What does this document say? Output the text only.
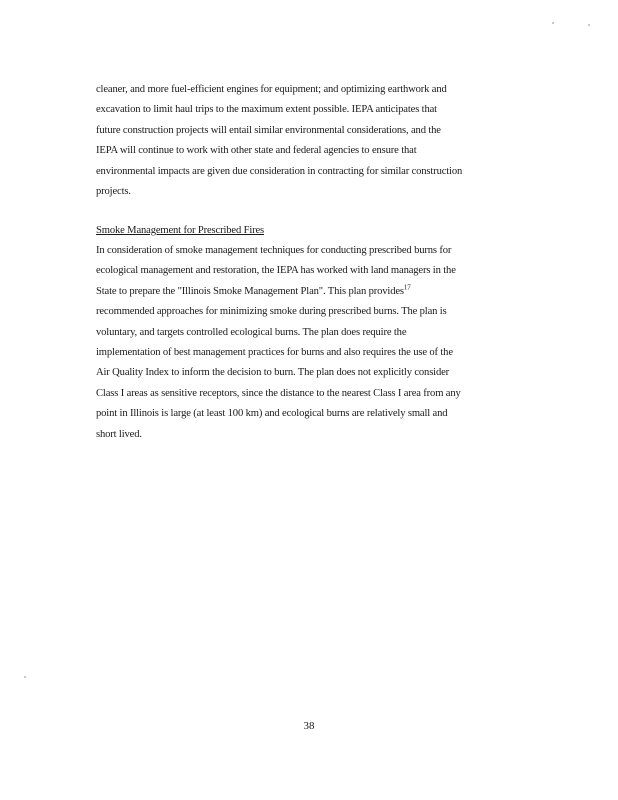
cleaner, and more fuel-efficient engines for equipment; and optimizing earthwork and
excavation to limit haul trips to the maximum extent possible. IEPA anticipates that
future construction projects will entail similar environmental considerations, and the
IEPA will continue to work with other state and federal agencies to ensure that
environmental impacts are given due consideration in contracting for similar construction
projects.
Smoke Management for Prescribed Fires
In consideration of smoke management techniques for conducting prescribed burns for
ecological management and restoration, the IEPA has worked with land managers in the
State to prepare the "Illinois Smoke Management Plan". This plan provides$^{17}$
recommended approaches for minimizing smoke during prescribed burns. The plan is
voluntary, and targets controlled ecological burns. The plan does require the
implementation of best management practices for burns and also requires the use of the
Air Quality Index to inform the decision to burn. The plan does not explicitly consider
Class I areas as sensitive receptors, since the distance to the nearest Class I area from any
point in Illinois is large (at least 100 km) and ecological burns are relatively small and
short lived.
38
